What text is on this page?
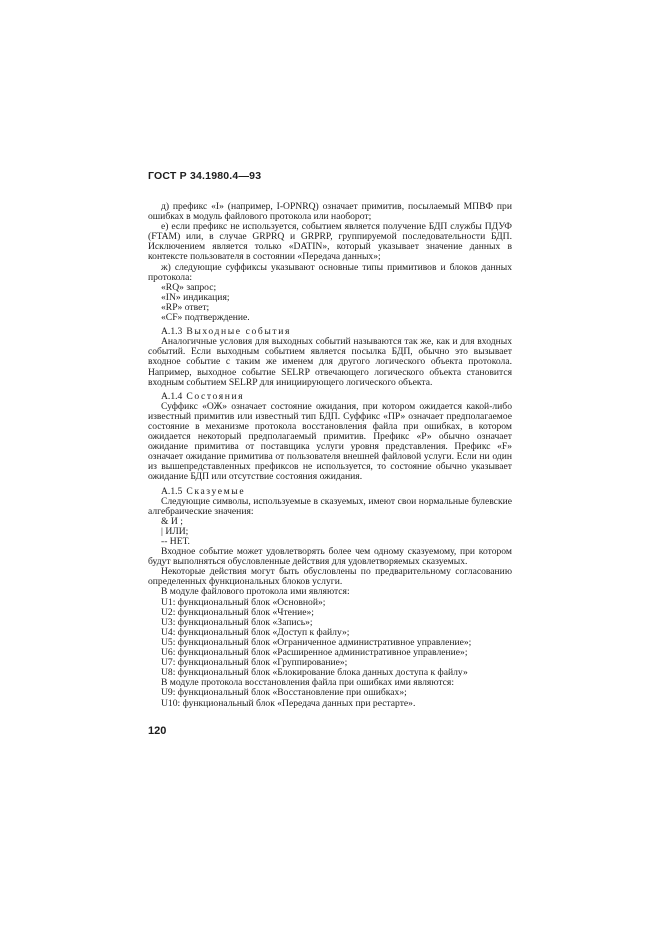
ГОСТ Р 34.1980.4—93
д) префикс «I» (например, I-OPNRQ) означает примитив, посылаемый МПВФ при ошибках в модуль файлового протокола или наоборот;
е) если префикс не используется, событием является получение БДП службы ПДУФ (FTAM) или, в случае GRPRQ и GRPRP, группируемой последовательности БДП. Исключением является только «DATIN», который указывает значение данных в контексте пользователя в состоянии «Передача данных»;
ж) следующие суффиксы указывают основные типы примитивов и блоков данных протокола:
«RQ» запрос;
«IN» индикация;
«RP» ответ;
«CF» подтверждение.
A.1.3 Выходные события
Аналогичные условия для выходных событий называются так же, как и для входных событий. Если выходным событием является посылка БДП, обычно это вызывает входное событие с таким же именем для другого логического объекта протокола. Например, выходное событие SELRP отвечающего логического объекта становится входным событием SELRP для инициирующего логического объекта.
A.1.4 Состояния
Суффикс «ОЖ» означает состояние ожидания, при котором ожидается какой-либо известный примитив или известный тип БДП. Суффикс «ПР» означает предполагаемое состояние в механизме протокола восстановления файла при ошибках, в котором ожидается некоторый предполагаемый примитив. Префикс «Р» обычно означает ожидание примитива от поставщика услуги уровня представления. Префикс «F» означает ожидание примитива от пользователя внешней файловой услуги. Если ни один из вышепредставленных префиксов не используется, то состояние обычно указывает ожидание БДП или отсутствие состояния ожидания.
A.1.5 Сказуемые
Следующие символы, используемые в сказуемых, имеют свои нормальные булевские алгебраические значения:
& И ;
| ИЛИ;
-- НЕТ.
Входное событие может удовлетворять более чем одному сказуемому, при котором будут выполняться обусловленные действия для удовлетворяемых сказуемых.
Некоторые действия могут быть обусловлены по предварительному согласованию определенных функциональных блоков услуги.
В модуле файлового протокола ими являются:
U1: функциональный блок «Основной»;
U2: функциональный блок «Чтение»;
U3: функциональный блок «Запись»;
U4: функциональный блок «Доступ к файлу»;
U5: функциональный блок «Ограниченное административное управление»;
U6: функциональный блок «Расширенное административное управление»;
U7: функциональный блок «Группирование»;
U8: функциональный блок «Блокирование блока данных доступа к файлу»
В модуле протокола восстановления файла при ошибках ими являются:
U9: функциональный блок «Восстановление при ошибках»;
U10: функциональный блок «Передача данных при рестарте».
120
